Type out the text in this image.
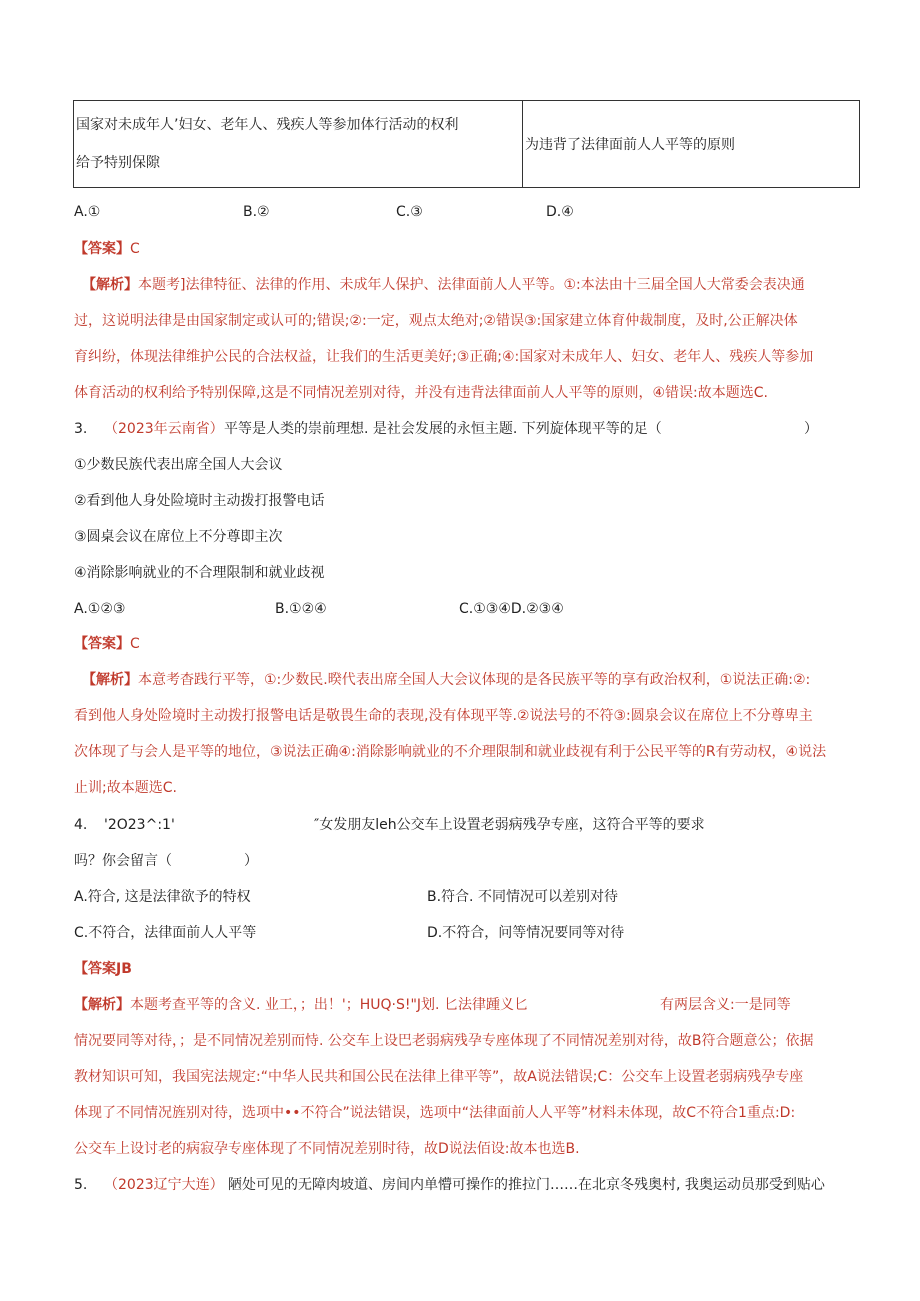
国家对未成年人’妇女、老年人、残疾人等参加体行活动的权利
给予特别保隙

为违背了法律面前人人平等的原则
A.①	B.②	C.③	D.④
【答案】C
【解析】本题考]法律特征、法律的作用、未成年人保护、法律面前人人平等。①:本法由十三届全国人大常委会表决通
过，这说明法律是由国家制定或认可的;错误;②:一定，观点太绝对;②错误③:国家建立体育仲裁制度，及时,公正解决体
育纠纷，体现法律维护公民的合法权益，让我们的生活更美好;③正确;④:国家对未成年人、妇女、老年人、残疾人等参加
体育活动的权利给予特别保障,这是不同情况差别对待，并没有违背法律面前人人平等的原则，④错误:故本题选C.
3. （2023年云南省） 平等是人类的崇前理想. 是社会发展的永恒主题. 下列旋体现平等的足（	）
①少数民族代表出席全国人大会议
②看到他人身处险境时主动拨打报警电话
③圆桌会议在席位上不分尊即主次
④消除影响就业的不合理限制和就业歧视
A.①②③	B.①②④	C.①③④D.②③④
【答案】C
【解析】本意考杳践行平等，①:少数民.暌代表出席全国人大会议体现的是各民族平等的享有政治权利，①说法正确:②:
看到他人身处险境时主动拨打报警电话是敬畏生命的表现,没有体现平等.②说法号的不符③:圆泉会议在席位上不分尊卑主
次体现了与会人是平等的地位，③说法正确④:消除影响就业的不介理限制和就业歧视有利于公民平等的R有劳动权，④说法
止训;故本题选C.
4. '2O23^:1'	″女发朋友leh公交车上设置老弱病残孕专座，这符合平等的要求
吗？你会留言（	）
A.符合, 这是法律欲予的特权	B.符合. 不同情况可以差别对待
C.不符合，法律面前人人平等	D.不符合，问等情况要同等对待
【答案JB
【解析】本题考查平等的含义. 业工，；出！'；HUQ·S!"J划. 匕法律踵义匕	有两层含义:一是同等
情况要同等对待，；是不同情况差别而恃. 公交车上设巴老弱病残孕专座体现了不同情况差别对待，故B符合题意公；依据
教材知识可知，我国宪法规定:“中华人民共和国公民在法律上律平等”，故A说法错误;C：公交车上设置老弱病残孕专座
体现了不同情况旌别对待，选项中••不符合”说法错误，选项中“法律面前人人平等”材料未体现，故C不符合1重点:D:
公交车上设讨老的病寂孕专座体现了不同情况差别时待，故D说法佰设:故本也选B.
5. （2023辽宁大连） 陋处可见的无障肉坡道、房间内单懵可操作的推拉门……在北京冬残奥村, 我奥运动员那受到贴心
